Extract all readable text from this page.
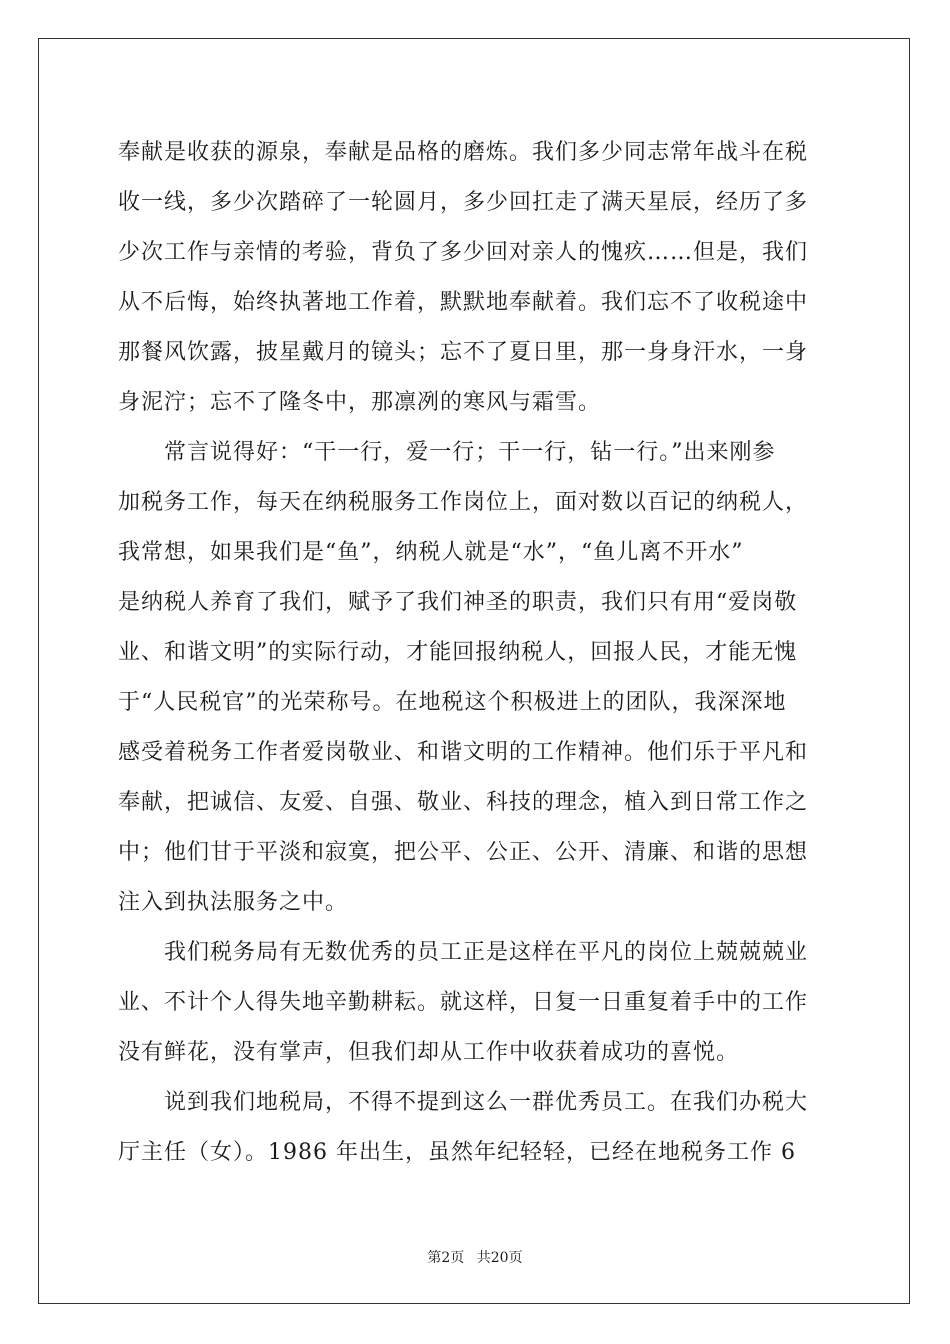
奉献是收获的源泉，奉献是品格的磨炼。我们多少同志常年战斗在税
收一线，多少次踏碎了一轮圆月，多少回扛走了满天星辰，经历了多
少次工作与亲情的考验，背负了多少回对亲人的愧疚……但是，我们
从不后悔，始终执著地工作着，默默地奉献着。我们忘不了收税途中
那餐风饮露，披星戴月的镜头；忘不了夏日里，那一身身汗水，一身
身泥泞；忘不了隆冬中，那凛冽的寒风与霜雪。
　　常言说得好：“干一行，爱一行；干一行，钻一行。”出来刚参
加税务工作，每天在纳税服务工作岗位上，面对数以百记的纳税人，
我常想，如果我们是“鱼”，纳税人就是“水”，“鱼儿离不开水”
是纳税人养育了我们，赋予了我们神圣的职责，我们只有用“爱岗敬
业、和谐文明”的实际行动，才能回报纳税人，回报人民，才能无愧
于“人民税官”的光荣称号。在地税这个积极进上的团队，我深深地
感受着税务工作者爱岗敬业、和谐文明的工作精神。他们乐于平凡和
奉献，把诚信、友爱、自强、敬业、科技的理念，植入到日常工作之
中；他们甘于平淡和寂寞，把公平、公正、公开、清廉、和谐的思想
注入到执法服务之中。
　　我们税务局有无数优秀的员工正是这样在平凡的岗位上兢兢兢业
业、不计个人得失地辛勤耕耘。就这样，日复一日重复着手中的工作
没有鲜花，没有掌声，但我们却从工作中收获着成功的喜悦。
　　说到我们地税局，不得不提到这么一群优秀员工。在我们办税大
厅主任（女）。1986 年出生，虽然年纪轻轻，已经在地税务工作 6
第2页 共20页
